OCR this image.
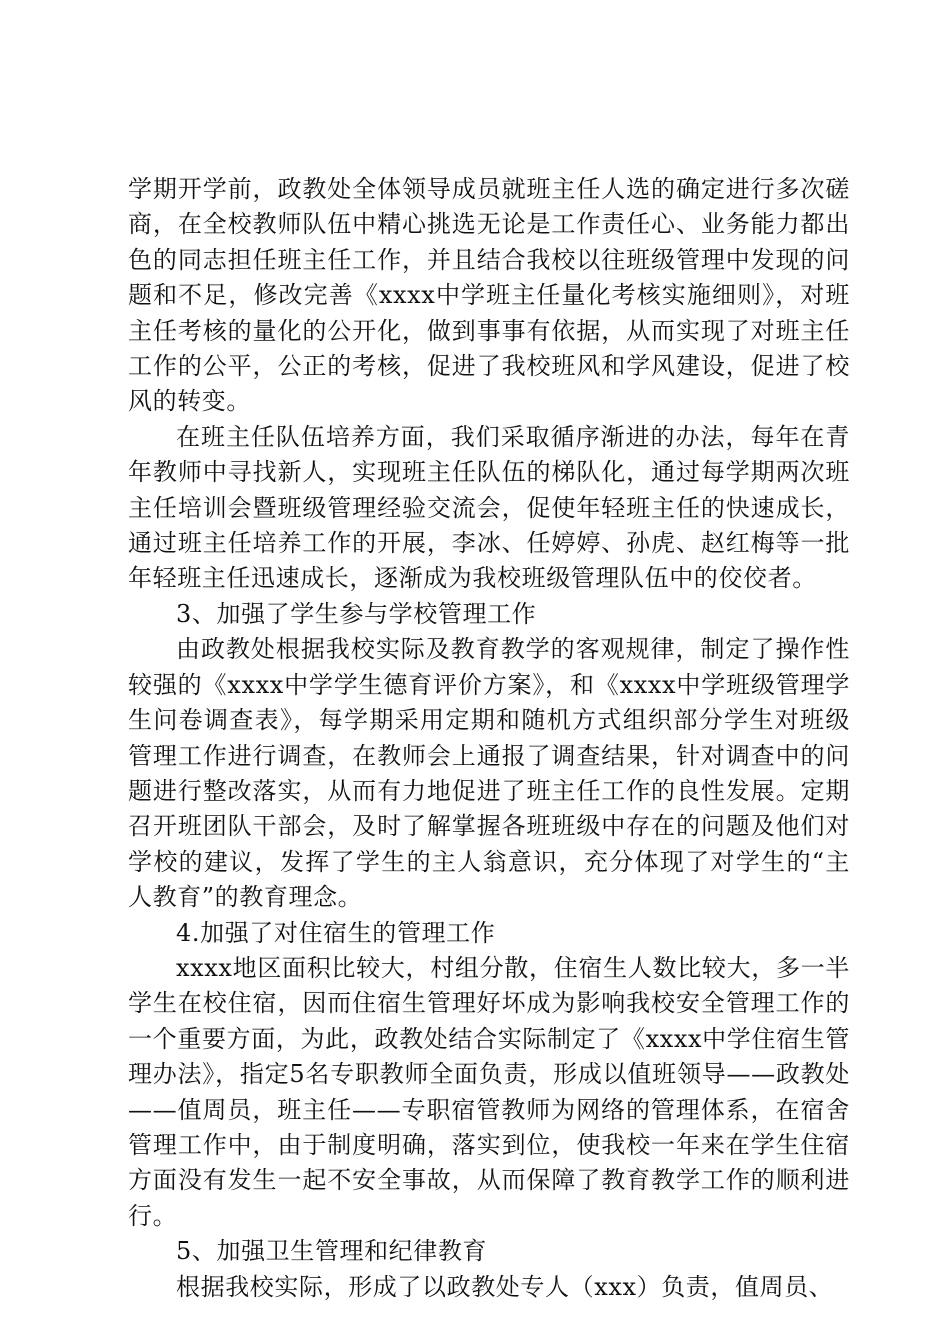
学期开学前，政教处全体领导成员就班主任人选的确定进行多次磋商，在全校教师队伍中精心挑选无论是工作责任心、业务能力都出色的同志担任班主任工作，并且结合我校以往班级管理中发现的问题和不足，修改完善《xxxx中学班主任量化考核实施细则》，对班主任考核的量化的公开化，做到事事有依据，从而实现了对班主任工作的公平，公正的考核，促进了我校班风和学风建设，促进了校风的转变。

在班主任队伍培养方面，我们采取循序渐进的办法，每年在青年教师中寻找新人，实现班主任队伍的梯队化，通过每学期两次班主任培训会暨班级管理经验交流会，促使年轻班主任的快速成长，通过班主任培养工作的开展，李冰、任婷婷、孙虎、赵红梅等一批年轻班主任迅速成长，逐渐成为我校班级管理队伍中的佼佼者。

3、加强了学生参与学校管理工作

由政教处根据我校实际及教育教学的客观规律，制定了操作性较强的《xxxx中学学生德育评价方案》，和《xxxx中学班级管理学生问卷调查表》，每学期采用定期和随机方式组织部分学生对班级管理工作进行调查，在教师会上通报了调查结果，针对调查中的问题进行整改落实，从而有力地促进了班主任工作的良性发展。定期召开班团队干部会，及时了解掌握各班班级中存在的问题及他们对学校的建议，发挥了学生的主人翁意识，充分体现了对学生的“主人教育”的教育理念。

4.加强了对住宿生的管理工作

xxxx地区面积比较大，村组分散，住宿生人数比较大，多一半学生在校住宿，因而住宿生管理好坏成为影响我校安全管理工作的一个重要方面，为此，政教处结合实际制定了《xxxx中学住宿生管理办法》，指定5名专职教师全面负责，形成以值班领导——政教处——值周员，班主任——专职宿管教师为网络的管理体系，在宿舍管理工作中，由于制度明确，落实到位，使我校一年来在学生住宿方面没有发生一起不安全事故，从而保障了教育教学工作的顺利进行。

5、加强卫生管理和纪律教育

根据我校实际，形成了以政教处专人（xxx）负责，值周员、
